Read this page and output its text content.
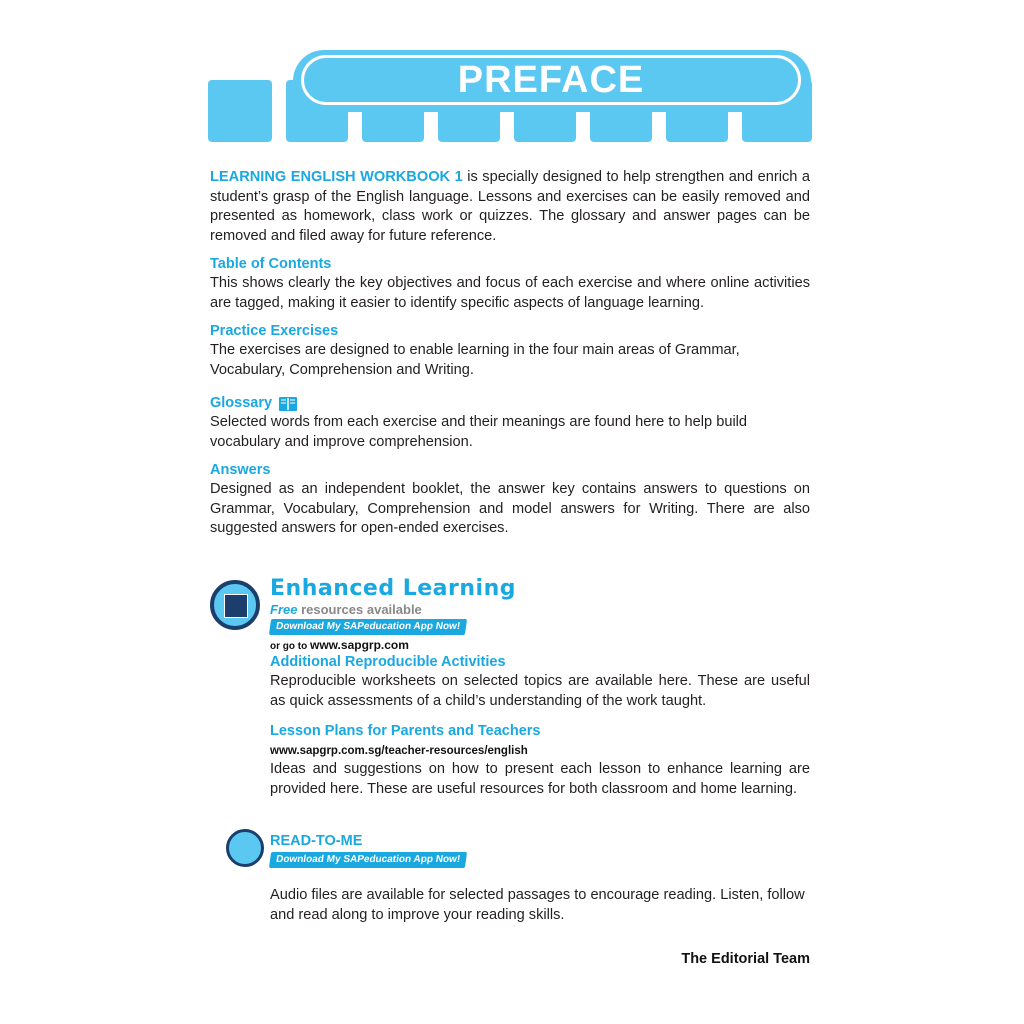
PREFACE

LEARNING ENGLISH WORKBOOK 1 is specially designed to help strengthen and enrich a student’s grasp of the English language. Lessons and exercises can be easily removed and presented as homework, class work or quizzes. The glossary and answer pages can be removed and filed away for future reference.

Table of Contents

This shows clearly the key objectives and focus of each exercise and where online activities are tagged, making it easier to identify specific aspects of language learning.

Practice Exercises

The exercises are designed to enable learning in the four main areas of Grammar, Vocabulary, Comprehension and Writing.

Glossary

Selected words from each exercise and their meanings are found here to help build vocabulary and improve comprehension.

Answers

Designed as an independent booklet, the answer key contains answers to questions on Grammar, Vocabulary, Comprehension and model answers for Writing. There are also suggested answers for open-ended exercises.

Enhanced Learning
Free resources available
Download My SAPeducation App Now!
or go to www.sapgrp.com
Additional Reproducible Activities

Reproducible worksheets on selected topics are available here. These are useful as quick assessments of a child’s understanding of the work taught.

Lesson Plans for Parents and Teachers
www.sapgrp.com.sg/teacher-resources/english

Ideas and suggestions on how to present each lesson to enhance learning are provided here. These are useful resources for both classroom and home learning.

READ-TO-ME
Download My SAPeducation App Now!

Audio files are available for selected passages to encourage reading. Listen, follow and read along to improve your reading skills.

The Editorial Team
